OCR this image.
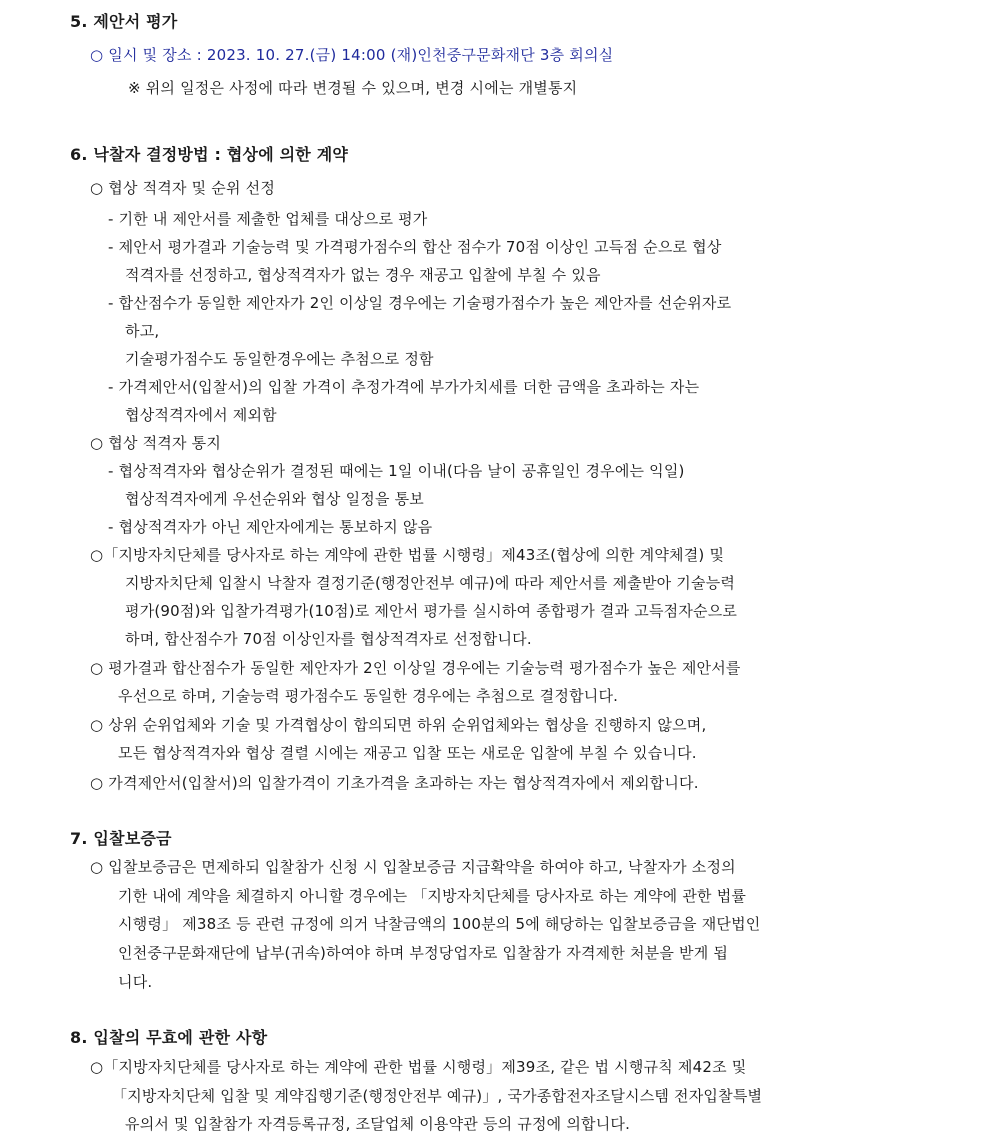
5. 제안서 평가
○ 일시 및 장소 : 2023. 10. 27.(금) 14:00 (재)인천중구문화재단 3층 회의실
※ 위의 일정은 사정에 따라 변경될 수 있으며, 변경 시에는 개별통지
6. 낙찰자 결정방법 : 협상에 의한 계약
○ 협상 적격자 및 순위 선정
- 기한 내 제안서를 제출한 업체를 대상으로 평가
- 제안서 평가결과 기술능력 및 가격평가점수의 합산 점수가 70점 이상인 고득점 순으로 협상
적격자를 선정하고, 협상적격자가 없는 경우 재공고 입찰에 부칠 수 있음
- 합산점수가 동일한 제안자가 2인 이상일 경우에는 기술평가점수가 높은 제안자를 선순위자로
하고,
기술평가점수도 동일한경우에는 추첨으로 정함
- 가격제안서(입찰서)의 입찰 가격이 추정가격에 부가가치세를 더한 금액을 초과하는 자는
협상적격자에서 제외함
○ 협상 적격자 통지
- 협상적격자와 협상순위가 결정된 때에는 1일 이내(다음 날이 공휴일인 경우에는 익일)
협상적격자에게 우선순위와 협상 일정을 통보
- 협상적격자가 아닌 제안자에게는 통보하지 않음
○「지방자치단체를 당사자로 하는 계약에 관한 법률 시행령」제43조(협상에 의한 계약체결) 및
지방자치단체 입찰시 낙찰자 결정기준(행정안전부 예규)에 따라 제안서를 제출받아 기술능력
평가(90점)와 입찰가격평가(10점)로 제안서 평가를 실시하여 종합평가 결과 고득점자순으로
하며, 합산점수가 70점 이상인자를 협상적격자로 선정합니다.
○ 평가결과 합산점수가 동일한 제안자가 2인 이상일 경우에는 기술능력 평가점수가 높은 제안서를
우선으로 하며, 기술능력 평가점수도 동일한 경우에는 추첨으로 결정합니다.
○ 상위 순위업체와 기술 및 가격협상이 합의되면 하위 순위업체와는 협상을 진행하지 않으며,
모든 협상적격자와 협상 결렬 시에는 재공고 입찰 또는 새로운 입찰에 부칠 수 있습니다.
○ 가격제안서(입찰서)의 입찰가격이 기초가격을 초과하는 자는 협상적격자에서 제외합니다.
7. 입찰보증금
○ 입찰보증금은 면제하되 입찰참가 신청 시 입찰보증금 지급확약을 하여야 하고, 낙찰자가 소정의
기한 내에 계약을 체결하지 아니할 경우에는 「지방자치단체를 당사자로 하는 계약에 관한 법률
시행령」 제38조 등 관련 규정에 의거 낙찰금액의 100분의 5에 해당하는 입찰보증금을 재단법인
인천중구문화재단에 납부(귀속)하여야 하며 부정당업자로 입찰참가 자격제한 처분을 받게 됩
니다.
8. 입찰의 무효에 관한 사항
○「지방자치단체를 당사자로 하는 계약에 관한 법률 시행령」제39조, 같은 법 시행규칙 제42조 및
「지방자치단체 입찰 및 계약집행기준(행정안전부 예규)」, 국가종합전자조달시스템 전자입찰특별
유의서 및 입찰참가 자격등록규정, 조달업체 이용약관 등의 규정에 의합니다.
